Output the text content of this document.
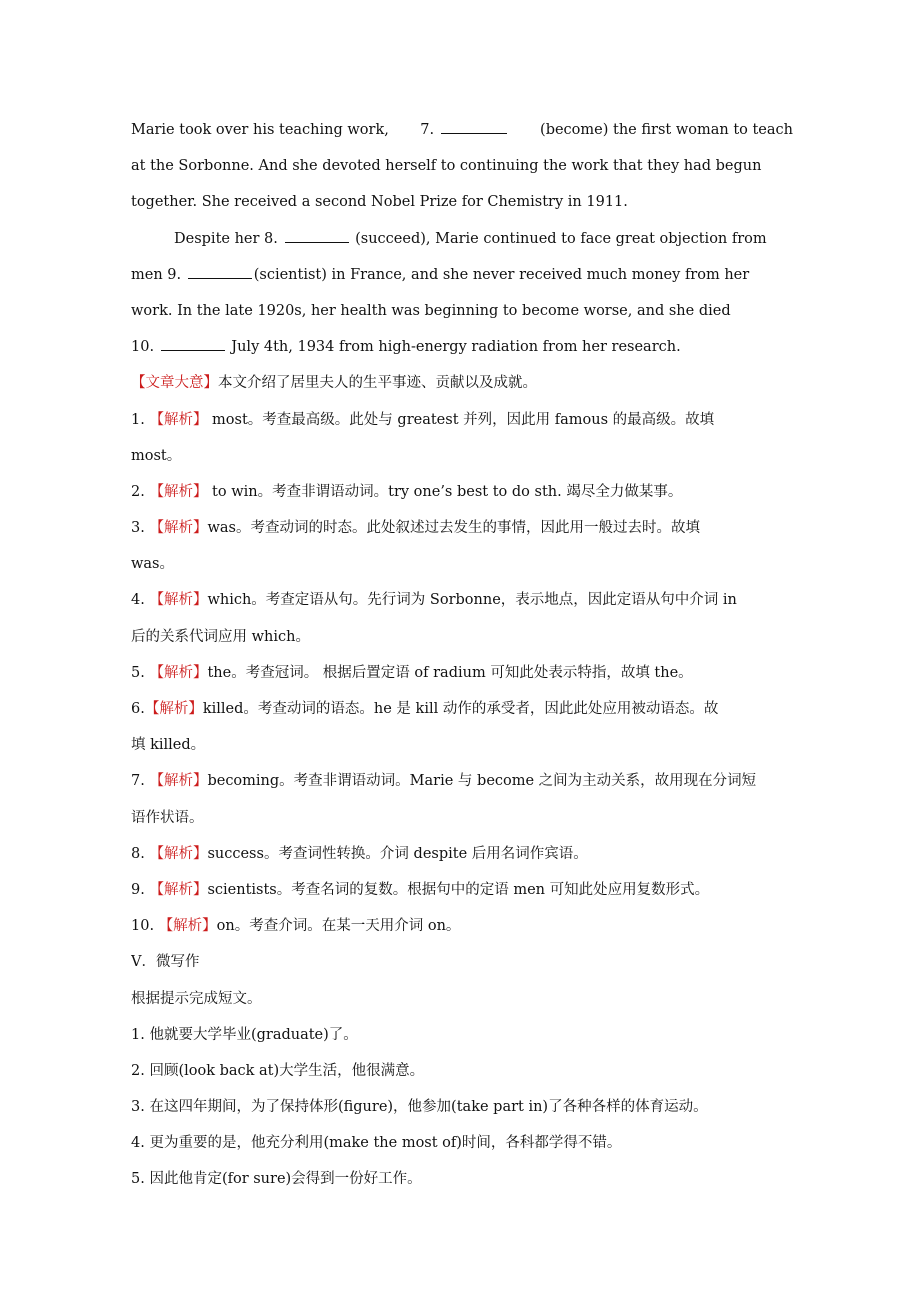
Marie took over his teaching work, 7.	(become) the first woman to teach
at the Sorbonne. And she devoted herself to continuing the work that they had begun
together. She received a second Nobel Prize for Chemistry in 1911.
Despite her 8.	(succeed), Marie continued to face great objection from
men 9.	(scientist) in France, and she never received much money from her
work. In the late 1920s, her health was beginning to become worse, and she died
10.	July 4th, 1934 from high-energy radiation from her research.
【文章大意】本文介绍了居里夫人的生平事迹、贡献以及成就。
1. 【解析】 most。考查最高级。此处与 greatest 并列，因此用 famous 的最高级。故填
most。
2. 【解析】 to win。考查非谓语动词。try one’s best to do sth. 竭尽全力做某事。
3. 【解析】was。考查动词的时态。此处叙述过去发生的事情，因此用一般过去时。故填
was。
4. 【解析】which。考查定语从句。先行词为 Sorbonne，表示地点，因此定语从句中介词 in
后的关系代词应用 which。
5. 【解析】the。考查冠词。 根据后置定语 of radium 可知此处表示特指，故填 the。
6.【解析】killed。考查动词的语态。he 是 kill 动作的承受者，因此此处应用被动语态。故
填 killed。
7. 【解析】becoming。考查非谓语动词。Marie 与 become 之间为主动关系，故用现在分词短
语作状语。
8. 【解析】success。考查词性转换。介词 despite 后用名词作宾语。
9. 【解析】scientists。考查名词的复数。根据句中的定语 men 可知此处应用复数形式。
10. 【解析】on。考查介词。在某一天用介词 on。
Ⅴ．微写作
根据提示完成短文。
1. 他就要大学毕业(graduate)了。
2. 回顾(look back at)大学生活，他很满意。
3. 在这四年期间，为了保持体形(figure)，他参加(take part in)了各种各样的体育运动。
4. 更为重要的是，他充分利用(make the most of)时间，各科都学得不错。
5. 因此他肯定(for sure)会得到一份好工作。
